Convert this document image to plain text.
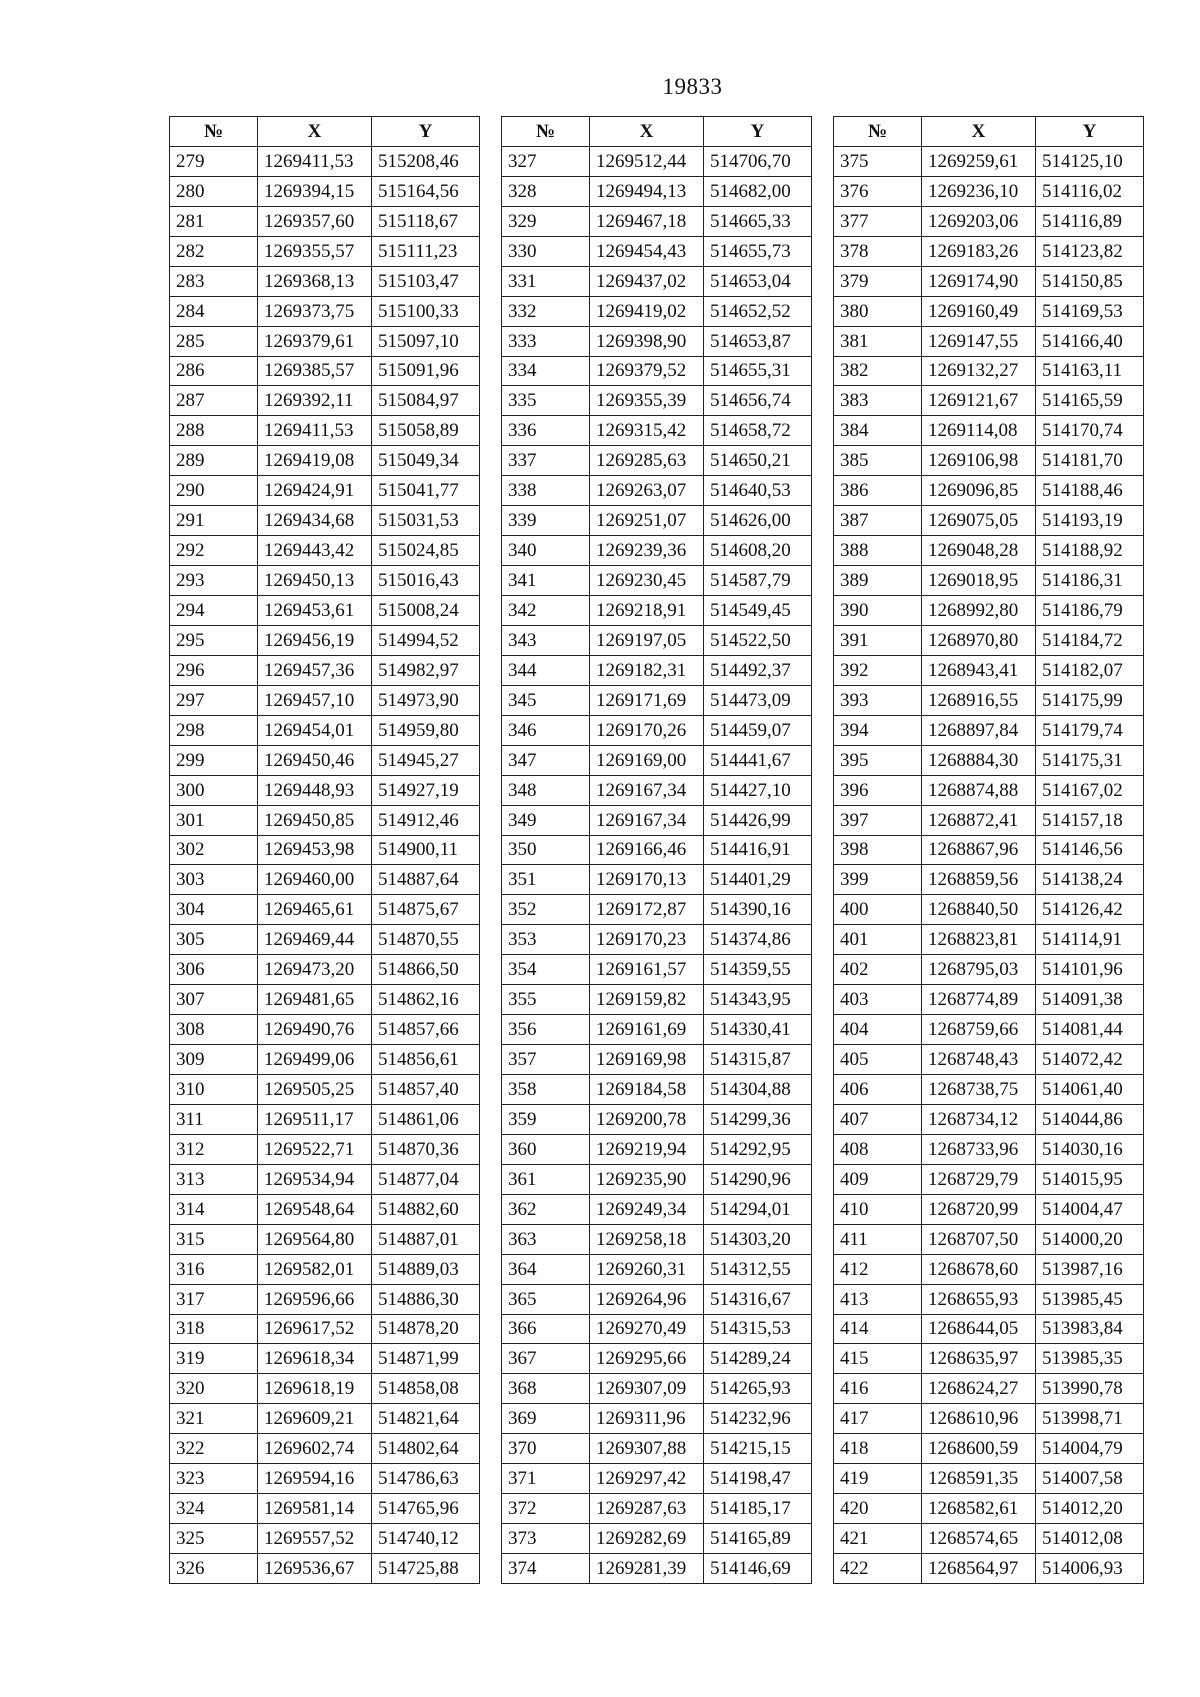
19833
№	X	Y
279	1269411,53	515208,46
280	1269394,15	515164,56
281	1269357,60	515118,67
282	1269355,57	515111,23
283	1269368,13	515103,47
284	1269373,75	515100,33
285	1269379,61	515097,10
286	1269385,57	515091,96
287	1269392,11	515084,97
288	1269411,53	515058,89
289	1269419,08	515049,34
290	1269424,91	515041,77
291	1269434,68	515031,53
292	1269443,42	515024,85
293	1269450,13	515016,43
294	1269453,61	515008,24
295	1269456,19	514994,52
296	1269457,36	514982,97
297	1269457,10	514973,90
298	1269454,01	514959,80
299	1269450,46	514945,27
300	1269448,93	514927,19
301	1269450,85	514912,46
302	1269453,98	514900,11
303	1269460,00	514887,64
304	1269465,61	514875,67
305	1269469,44	514870,55
306	1269473,20	514866,50
307	1269481,65	514862,16
308	1269490,76	514857,66
309	1269499,06	514856,61
310	1269505,25	514857,40
311	1269511,17	514861,06
312	1269522,71	514870,36
313	1269534,94	514877,04
314	1269548,64	514882,60
315	1269564,80	514887,01
316	1269582,01	514889,03
317	1269596,66	514886,30
318	1269617,52	514878,20
319	1269618,34	514871,99
320	1269618,19	514858,08
321	1269609,21	514821,64
322	1269602,74	514802,64
323	1269594,16	514786,63
324	1269581,14	514765,96
325	1269557,52	514740,12
326	1269536,67	514725,88
№	X	Y
327	1269512,44	514706,70
328	1269494,13	514682,00
329	1269467,18	514665,33
330	1269454,43	514655,73
331	1269437,02	514653,04
332	1269419,02	514652,52
333	1269398,90	514653,87
334	1269379,52	514655,31
335	1269355,39	514656,74
336	1269315,42	514658,72
337	1269285,63	514650,21
338	1269263,07	514640,53
339	1269251,07	514626,00
340	1269239,36	514608,20
341	1269230,45	514587,79
342	1269218,91	514549,45
343	1269197,05	514522,50
344	1269182,31	514492,37
345	1269171,69	514473,09
346	1269170,26	514459,07
347	1269169,00	514441,67
348	1269167,34	514427,10
349	1269167,34	514426,99
350	1269166,46	514416,91
351	1269170,13	514401,29
352	1269172,87	514390,16
353	1269170,23	514374,86
354	1269161,57	514359,55
355	1269159,82	514343,95
356	1269161,69	514330,41
357	1269169,98	514315,87
358	1269184,58	514304,88
359	1269200,78	514299,36
360	1269219,94	514292,95
361	1269235,90	514290,96
362	1269249,34	514294,01
363	1269258,18	514303,20
364	1269260,31	514312,55
365	1269264,96	514316,67
366	1269270,49	514315,53
367	1269295,66	514289,24
368	1269307,09	514265,93
369	1269311,96	514232,96
370	1269307,88	514215,15
371	1269297,42	514198,47
372	1269287,63	514185,17
373	1269282,69	514165,89
374	1269281,39	514146,69
№	X	Y
375	1269259,61	514125,10
376	1269236,10	514116,02
377	1269203,06	514116,89
378	1269183,26	514123,82
379	1269174,90	514150,85
380	1269160,49	514169,53
381	1269147,55	514166,40
382	1269132,27	514163,11
383	1269121,67	514165,59
384	1269114,08	514170,74
385	1269106,98	514181,70
386	1269096,85	514188,46
387	1269075,05	514193,19
388	1269048,28	514188,92
389	1269018,95	514186,31
390	1268992,80	514186,79
391	1268970,80	514184,72
392	1268943,41	514182,07
393	1268916,55	514175,99
394	1268897,84	514179,74
395	1268884,30	514175,31
396	1268874,88	514167,02
397	1268872,41	514157,18
398	1268867,96	514146,56
399	1268859,56	514138,24
400	1268840,50	514126,42
401	1268823,81	514114,91
402	1268795,03	514101,96
403	1268774,89	514091,38
404	1268759,66	514081,44
405	1268748,43	514072,42
406	1268738,75	514061,40
407	1268734,12	514044,86
408	1268733,96	514030,16
409	1268729,79	514015,95
410	1268720,99	514004,47
411	1268707,50	514000,20
412	1268678,60	513987,16
413	1268655,93	513985,45
414	1268644,05	513983,84
415	1268635,97	513985,35
416	1268624,27	513990,78
417	1268610,96	513998,71
418	1268600,59	514004,79
419	1268591,35	514007,58
420	1268582,61	514012,20
421	1268574,65	514012,08
422	1268564,97	514006,93
